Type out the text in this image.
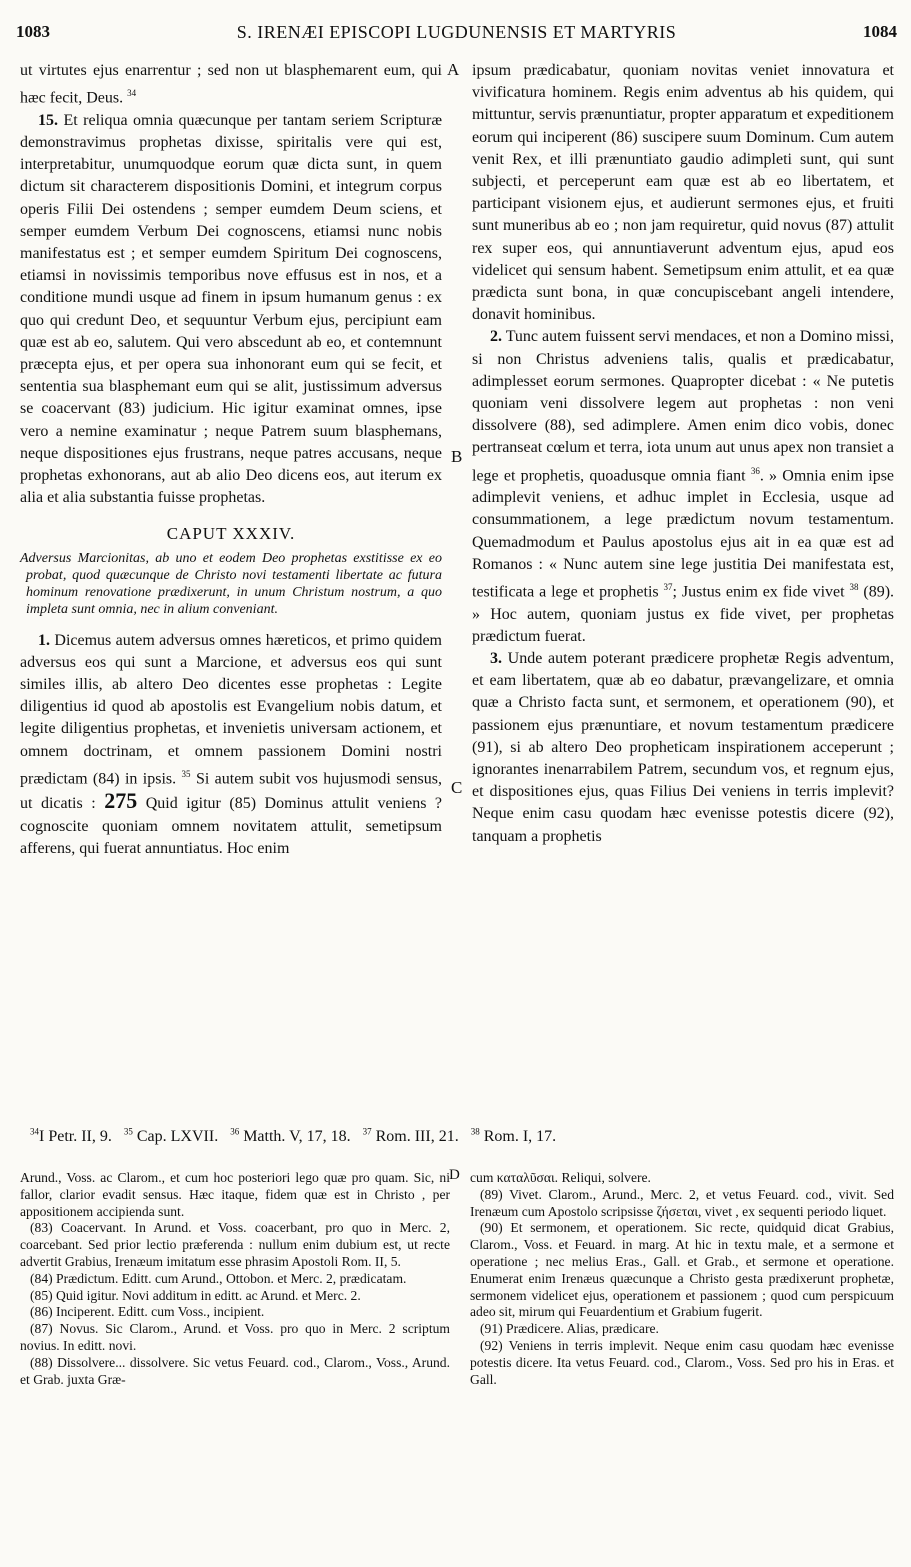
1083	S. IRENÆI EPISCOPI LUGDUNENSIS ET MARTYRIS	1084
A
B
C
D

ut virtutes ejus enarrentur ; sed non ut blasphemarent eum, qui hæc fecit, Deus. $^{34}$

15. Et reliqua omnia quæcunque per tantam seriem Scripturæ demonstravimus prophetas dixisse, spiritalis vere qui est, interpretabitur, unumquodque eorum quæ dicta sunt, in quem dictum sit characterem dispositionis Domini, et integrum corpus operis Filii Dei ostendens ; semper eumdem Deum sciens, et semper eumdem Verbum Dei cognoscens, etiamsi nunc nobis manifestatus est ; et semper eumdem Spiritum Dei cognoscens, etiamsi in novissimis temporibus nove effusus est in nos, et a conditione mundi usque ad finem in ipsum humanum genus : ex quo qui credunt Deo, et sequuntur Verbum ejus, percipiunt eam quæ est ab eo, salutem. Qui vero abscedunt ab eo, et contemnunt præcepta ejus, et per opera sua inhonorant eum qui se fecit, et sententia sua blasphemant eum qui se alit, justissimum adversus se coacervant (83) judicium. Hic igitur examinat omnes, ipse vero a nemine examinatur ; neque Patrem suum blasphemans, neque dispositiones ejus frustrans, neque patres accusans, neque prophetas exhonorans, aut ab alio Deo dicens eos, aut iterum ex alia et alia substantia fuisse prophetas.

CAPUT XXXIV.
Adversus Marcionitas, ab uno et eodem Deo prophetas exstitisse ex eo probat, quod quæcunque de Christo novi testamenti libertate ac futura hominum renovatione prædixerunt, in unum Christum nostrum, a quo impleta sunt omnia, nec in alium conveniant.

1. Dicemus autem adversus omnes hæreticos, et primo quidem adversus eos qui sunt a Marcione, et adversus eos qui sunt similes illis, ab altero Deo dicentes esse prophetas : Legite diligentius id quod ab apostolis est Evangelium nobis datum, et legite diligentius prophetas, et invenietis universam actionem, et omnem doctrinam, et omnem passionem Domini nostri prædictam (84) in ipsis. $^{35}$ Si autem subit vos hujusmodi sensus, ut dicatis : 275 Quid igitur (85) Dominus attulit veniens ? cognoscite quoniam omnem novitatem attulit, semetipsum afferens, qui fuerat annuntiatus. Hoc enim

ipsum prædicabatur, quoniam novitas veniet innovatura et vivificatura hominem. Regis enim adventus ab his quidem, qui mittuntur, servis prænuntiatur, propter apparatum et expeditionem eorum qui inciperent (86) suscipere suum Dominum. Cum autem venit Rex, et illi prænuntiato gaudio adimpleti sunt, qui sunt subjecti, et perceperunt eam quæ est ab eo libertatem, et participant visionem ejus, et audierunt sermones ejus, et fruiti sunt muneribus ab eo ; non jam requiretur, quid novus (87) attulit rex super eos, qui annuntiaverunt adventum ejus, apud eos videlicet qui sensum habent. Semetipsum enim attulit, et ea quæ prædicta sunt bona, in quæ concupiscebant angeli intendere, donavit hominibus.

2. Tunc autem fuissent servi mendaces, et non a Domino missi, si non Christus adveniens talis, qualis et prædicabatur, adimplesset eorum sermones. Quapropter dicebat : « Ne putetis quoniam veni dissolvere legem aut prophetas : non veni dissolvere (88), sed adimplere. Amen enim dico vobis, donec pertranseat cœlum et terra, iota unum aut unus apex non transiet a lege et prophetis, quoadusque omnia fiant $^{36}$. » Omnia enim ipse adimplevit veniens, et adhuc implet in Ecclesia, usque ad consummationem, a lege prædictum novum testamentum. Quemadmodum et Paulus apostolus ejus ait in ea quæ est ad Romanos : « Nunc autem sine lege justitia Dei manifestata est, testificata a lege et prophetis $^{37}$; Justus enim ex fide vivet $^{38}$ (89). » Hoc autem, quoniam justus ex fide vivet, per prophetas prædictum fuerat.

3. Unde autem poterant prædicere prophetæ Regis adventum, et eam libertatem, quæ ab eo dabatur, prævangelizare, et omnia quæ a Christo facta sunt, et sermonem, et operationem (90), et passionem ejus prænuntiare, et novum testamentum prædicere (91), si ab altero Deo propheticam inspirationem acceperunt ; ignorantes inenarrabilem Patrem, secundum vos, et regnum ejus, et dispositiones ejus, quas Filius Dei veniens in terris implevit? Neque enim casu quodam hæc evenisse potestis dicere (92), tanquam a prophetis

$^{34}$I Petr. II, 9. $^{35}$ Cap. LXVII. $^{36}$ Matth. V, 17, 18. $^{37}$ Rom. III, 21. $^{38}$ Rom. I, 17.

Arund., Voss. ac Clarom., et cum hoc posteriori lego quæ pro quam. Sic, ni fallor, clarior evadit sensus. Hæc itaque, fidem quæ est in Christo , per appositionem accipienda sunt.

(83) Coacervant. In Arund. et Voss. coacerbant, pro quo in Merc. 2, coarcebant. Sed prior lectio præferenda : nullum enim dubium est, ut recte advertit Grabius, Irenæum imitatum esse phrasim Apostoli Rom. II, 5.

(84) Prædictum. Editt. cum Arund., Ottobon. et Merc. 2, prædicatam.

(85) Quid igitur. Novi additum in editt. ac Arund. et Merc. 2.

(86) Inciperent. Editt. cum Voss., incipient.

(87) Novus. Sic Clarom., Arund. et Voss. pro quo in Merc. 2 scriptum novius. In editt. novi.

(88) Dissolvere... dissolvere. Sic vetus Feuard. cod., Clarom., Voss., Arund. et Grab. juxta Græ-

cum καταλῦσαι. Reliqui, solvere.

(89) Vivet. Clarom., Arund., Merc. 2, et vetus Feuard. cod., vivit. Sed Irenæum cum Apostolo scripsisse ζήσεται, vivet , ex sequenti periodo liquet.

(90) Et sermonem, et operationem. Sic recte, quidquid dicat Grabius, Clarom., Voss. et Feuard. in marg. At hic in textu male, et a sermone et operatione ; nec melius Eras., Gall. et Grab., et sermone et operatione. Enumerat enim Irenæus quæcunque a Christo gesta prædixerunt prophetæ, sermonem videlicet ejus, operationem et passionem ; quod cum perspicuum adeo sit, mirum qui Feuardentium et Grabium fugerit.

(91) Prædicere. Alias, prædicare.

(92) Veniens in terris implevit. Neque enim casu quodam hæc evenisse potestis dicere. Ita vetus Feuard. cod., Clarom., Voss. Sed pro his in Eras. et Gall.
